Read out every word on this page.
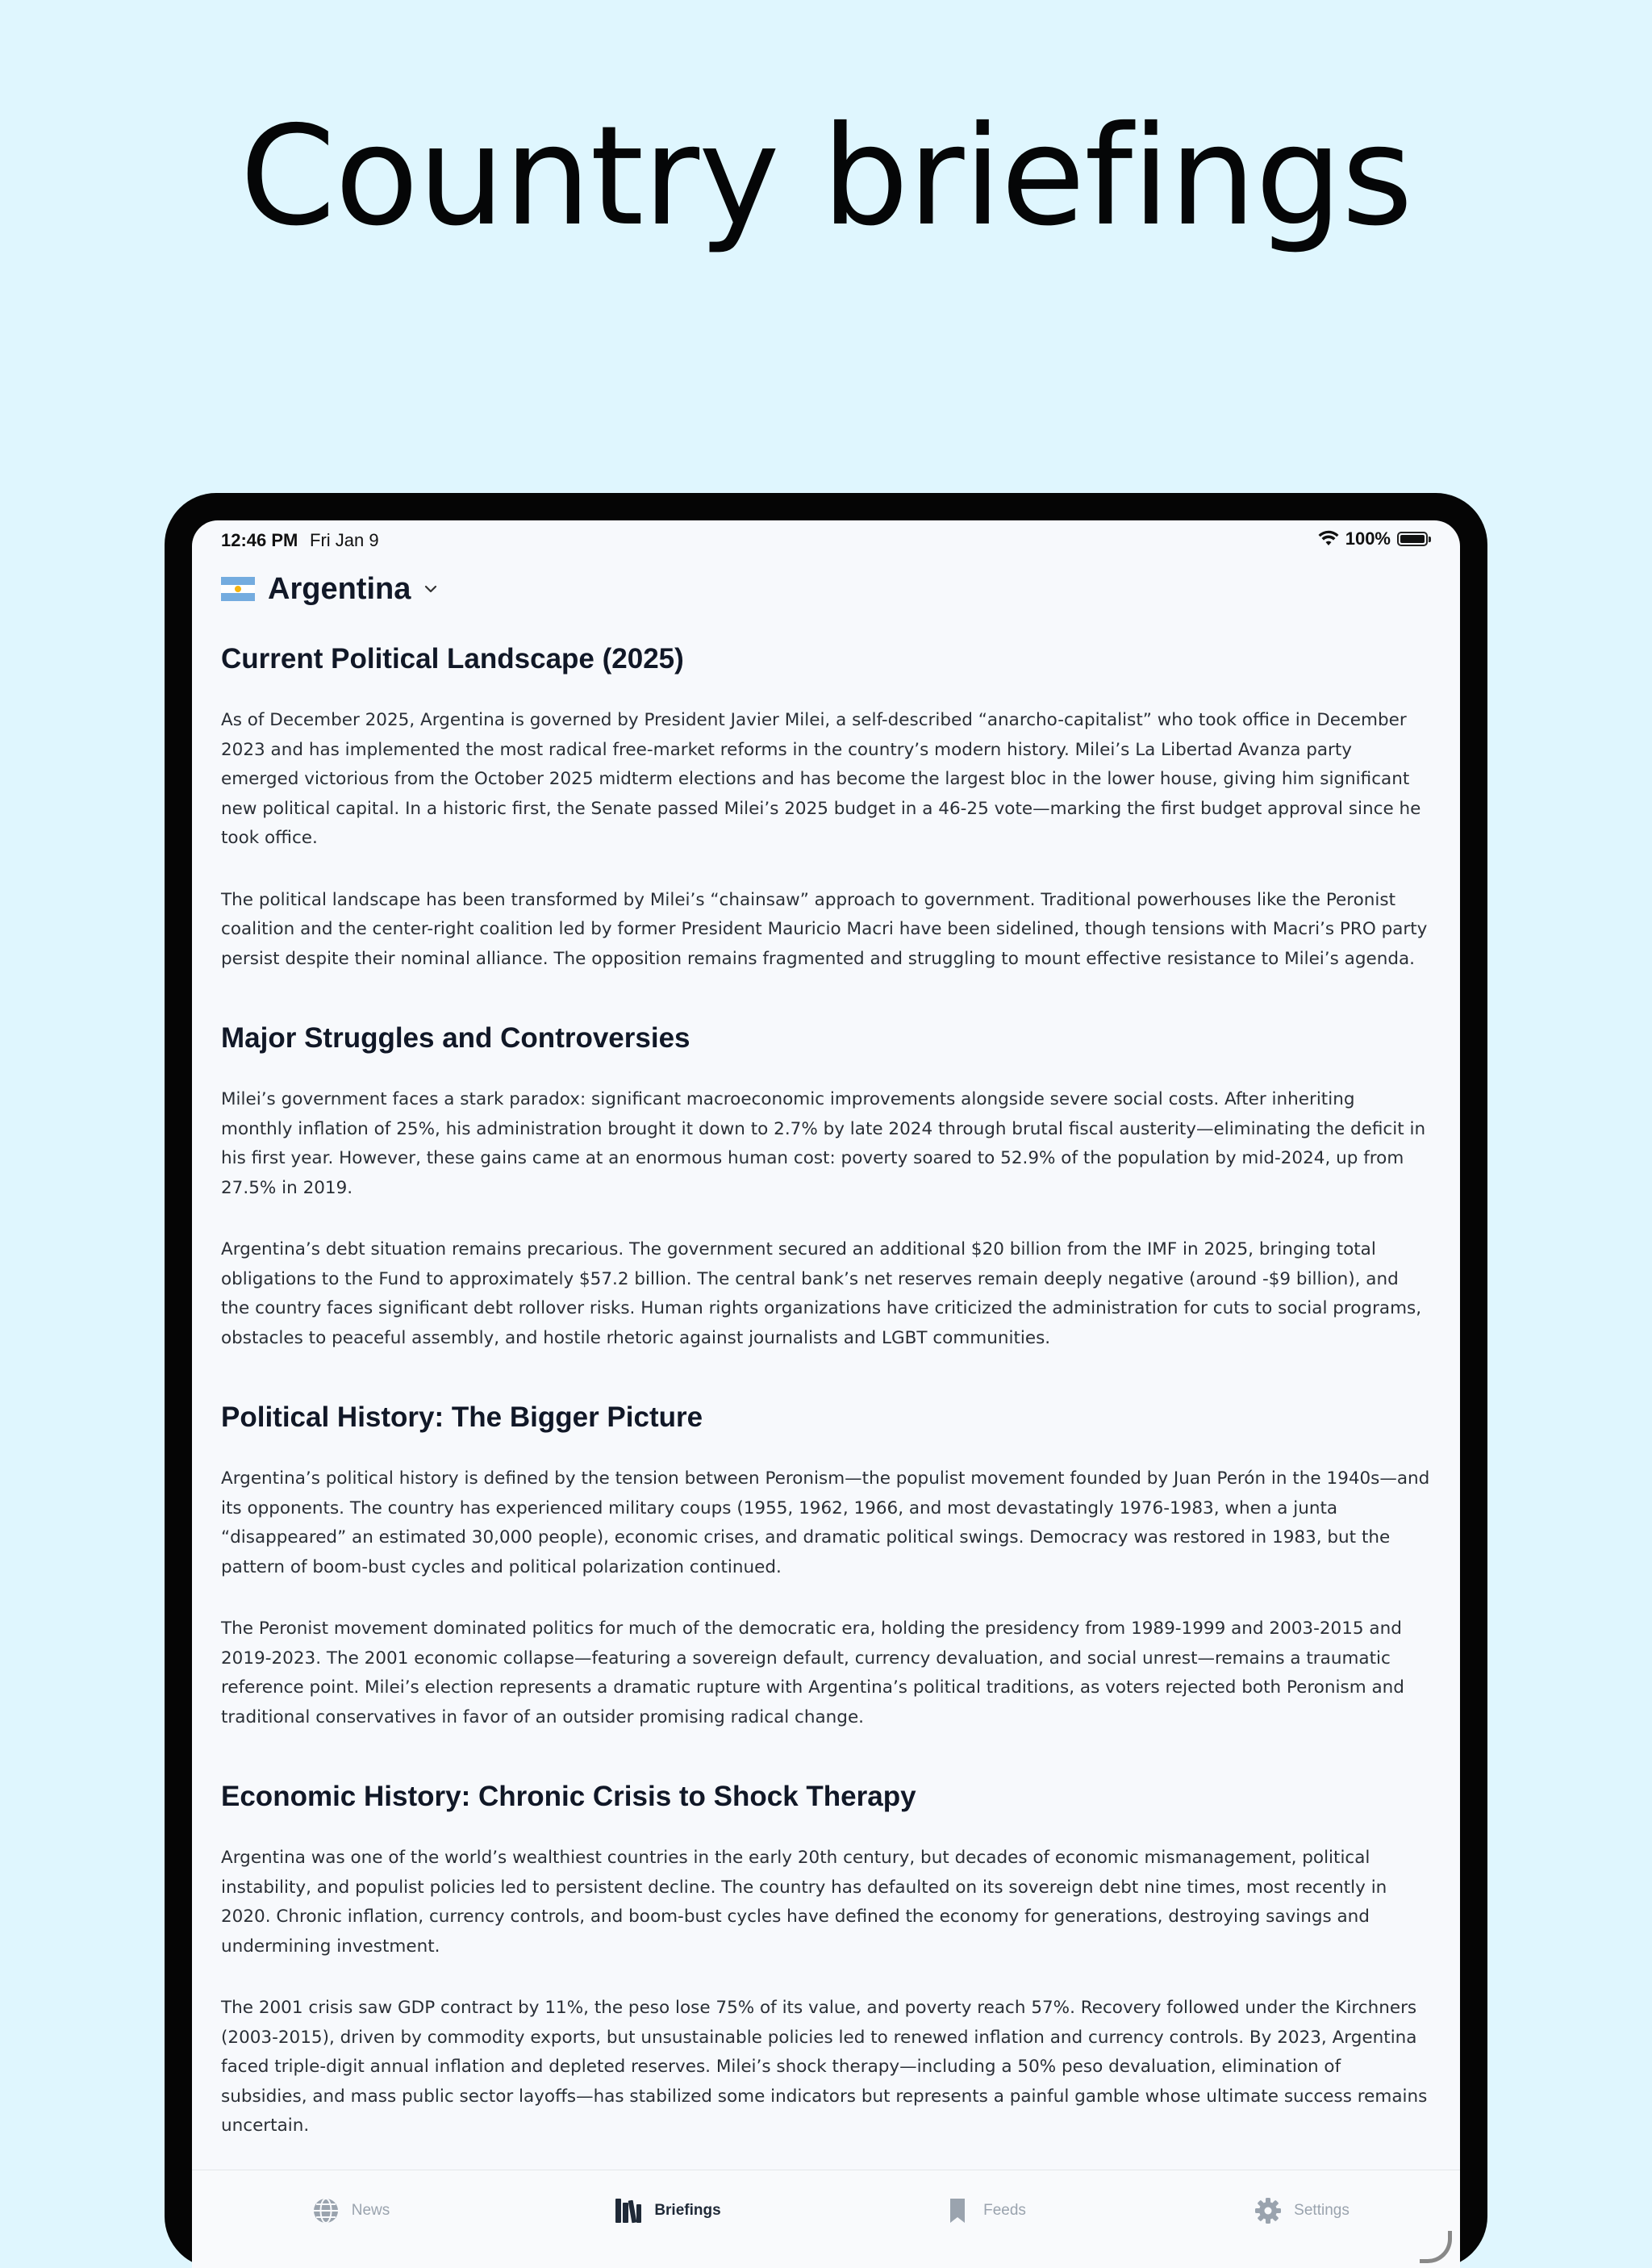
Country briefings
12:46 PM Fri Jan 9	100%
Argentina
Current Political Landscape (2025)

As of December 2025, Argentina is governed by President Javier Milei, a self-described “anarcho-capitalist” who took office in December 2023 and has implemented the most radical free-market reforms in the country’s modern history. Milei’s La Libertad Avanza party emerged victorious from the October 2025 midterm elections and has become the largest bloc in the lower house, giving him significant new political capital. In a historic first, the Senate passed Milei’s 2025 budget in a 46-25 vote—marking the first budget approval since he took office.

The political landscape has been transformed by Milei’s “chainsaw” approach to government. Traditional powerhouses like the Peronist coalition and the center-right coalition led by former President Mauricio Macri have been sidelined, though tensions with Macri’s PRO party persist despite their nominal alliance. The opposition remains fragmented and struggling to mount effective resistance to Milei’s agenda.

Major Struggles and Controversies

Milei’s government faces a stark paradox: significant macroeconomic improvements alongside severe social costs. After inheriting monthly inflation of 25%, his administration brought it down to 2.7% by late 2024 through brutal fiscal austerity—eliminating the deficit in his first year. However, these gains came at an enormous human cost: poverty soared to 52.9% of the population by mid-2024, up from 27.5% in 2019.

Argentina’s debt situation remains precarious. The government secured an additional $20 billion from the IMF in 2025, bringing total obligations to the Fund to approximately $57.2 billion. The central bank’s net reserves remain deeply negative (around -$9 billion), and the country faces significant debt rollover risks. Human rights organizations have criticized the administration for cuts to social programs, obstacles to peaceful assembly, and hostile rhetoric against journalists and LGBT communities.

Political History: The Bigger Picture

Argentina’s political history is defined by the tension between Peronism—the populist movement founded by Juan Perón in the 1940s—and its opponents. The country has experienced military coups (1955, 1962, 1966, and most devastatingly 1976-1983, when a junta “disappeared” an estimated 30,000 people), economic crises, and dramatic political swings. Democracy was restored in 1983, but the pattern of boom-bust cycles and political polarization continued.

The Peronist movement dominated politics for much of the democratic era, holding the presidency from 1989-1999 and 2003-2015 and 2019-2023. The 2001 economic collapse—featuring a sovereign default, currency devaluation, and social unrest—remains a traumatic reference point. Milei’s election represents a dramatic rupture with Argentina’s political traditions, as voters rejected both Peronism and traditional conservatives in favor of an outsider promising radical change.

Economic History: Chronic Crisis to Shock Therapy

Argentina was one of the world’s wealthiest countries in the early 20th century, but decades of economic mismanagement, political instability, and populist policies led to persistent decline. The country has defaulted on its sovereign debt nine times, most recently in 2020. Chronic inflation, currency controls, and boom-bust cycles have defined the economy for generations, destroying savings and undermining investment.

The 2001 crisis saw GDP contract by 11%, the peso lose 75% of its value, and poverty reach 57%. Recovery followed under the Kirchners (2003-2015), driven by commodity exports, but unsustainable policies led to renewed inflation and currency controls. By 2023, Argentina faced triple-digit annual inflation and depleted reserves. Milei’s shock therapy—including a 50% peso devaluation, elimination of subsidies, and mass public sector layoffs—has stabilized some indicators but represents a painful gamble whose ultimate success remains uncertain.

News	Briefings	Feeds	Settings
